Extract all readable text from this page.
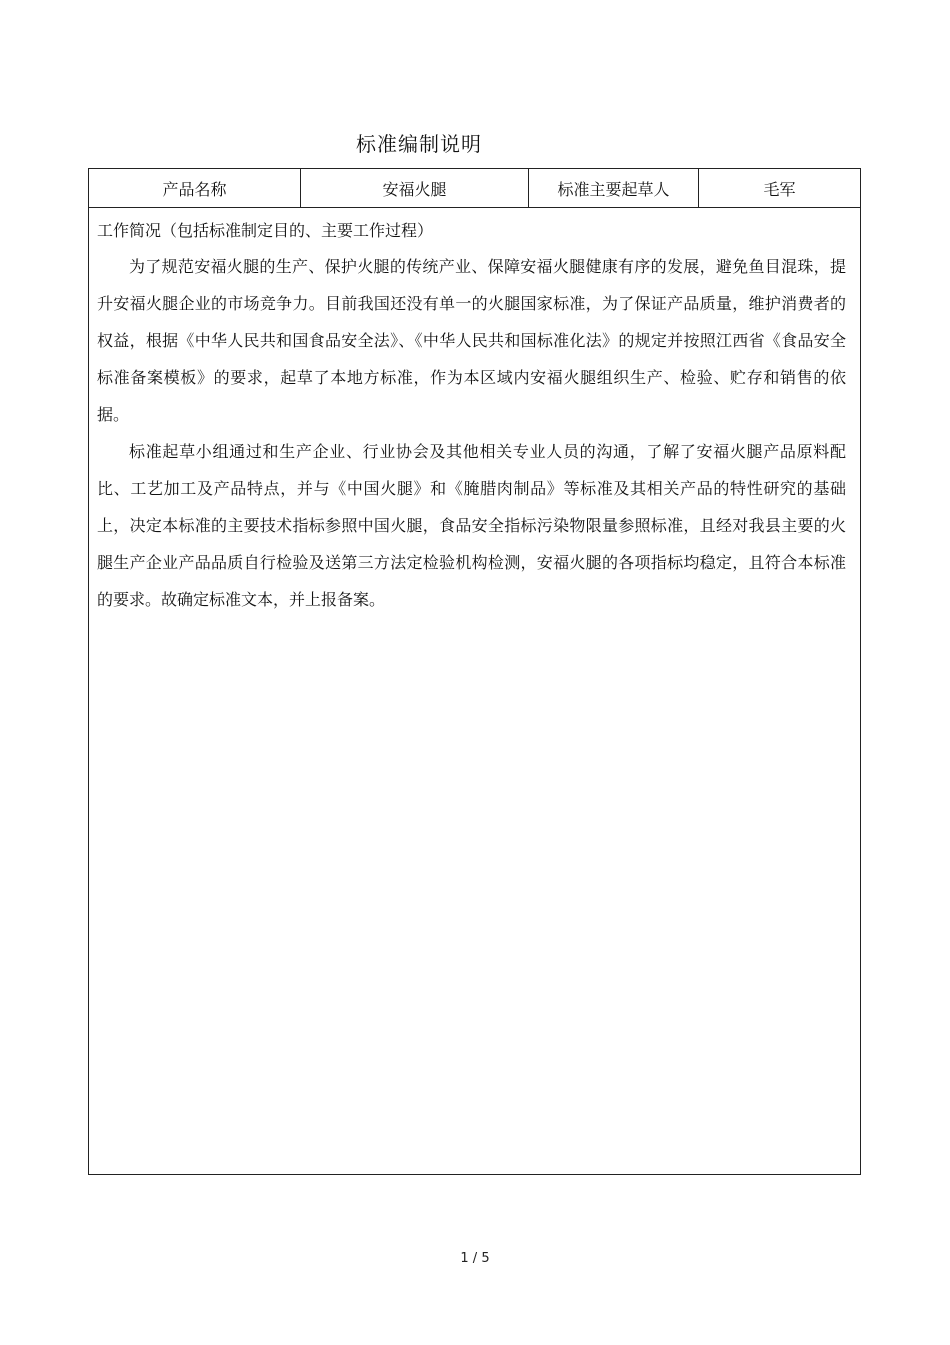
标准编制说明
产品名称	安福火腿	标准主要起草人	毛军
工作简况（包括标准制定目的、主要工作过程）

为了规范安福火腿的生产、保护火腿的传统产业、保障安福火腿健康有序的发展，避免鱼目混珠，提升安福火腿企业的市场竞争力。目前我国还没有单一的火腿国家标准，为了保证产品质量，维护消费者的权益，根据《中华人民共和国食品安全法》、《中华人民共和国标准化法》的规定并按照江西省《食品安全标准备案模板》的要求，起草了本地方标准，作为本区域内安福火腿组织生产、检验、贮存和销售的依据。

标准起草小组通过和生产企业、行业协会及其他相关专业人员的沟通，了解了安福火腿产品原料配比、工艺加工及产品特点，并与《中国火腿》和《腌腊肉制品》等标准及其相关产品的特性研究的基础上，决定本标准的主要技术指标参照中国火腿，食品安全指标污染物限量参照标准，且经对我县主要的火腿生产企业产品品质自行检验及送第三方法定检验机构检测，安福火腿的各项指标均稳定，且符合本标准的要求。故确定标准文本，并上报备案。

1 / 5
